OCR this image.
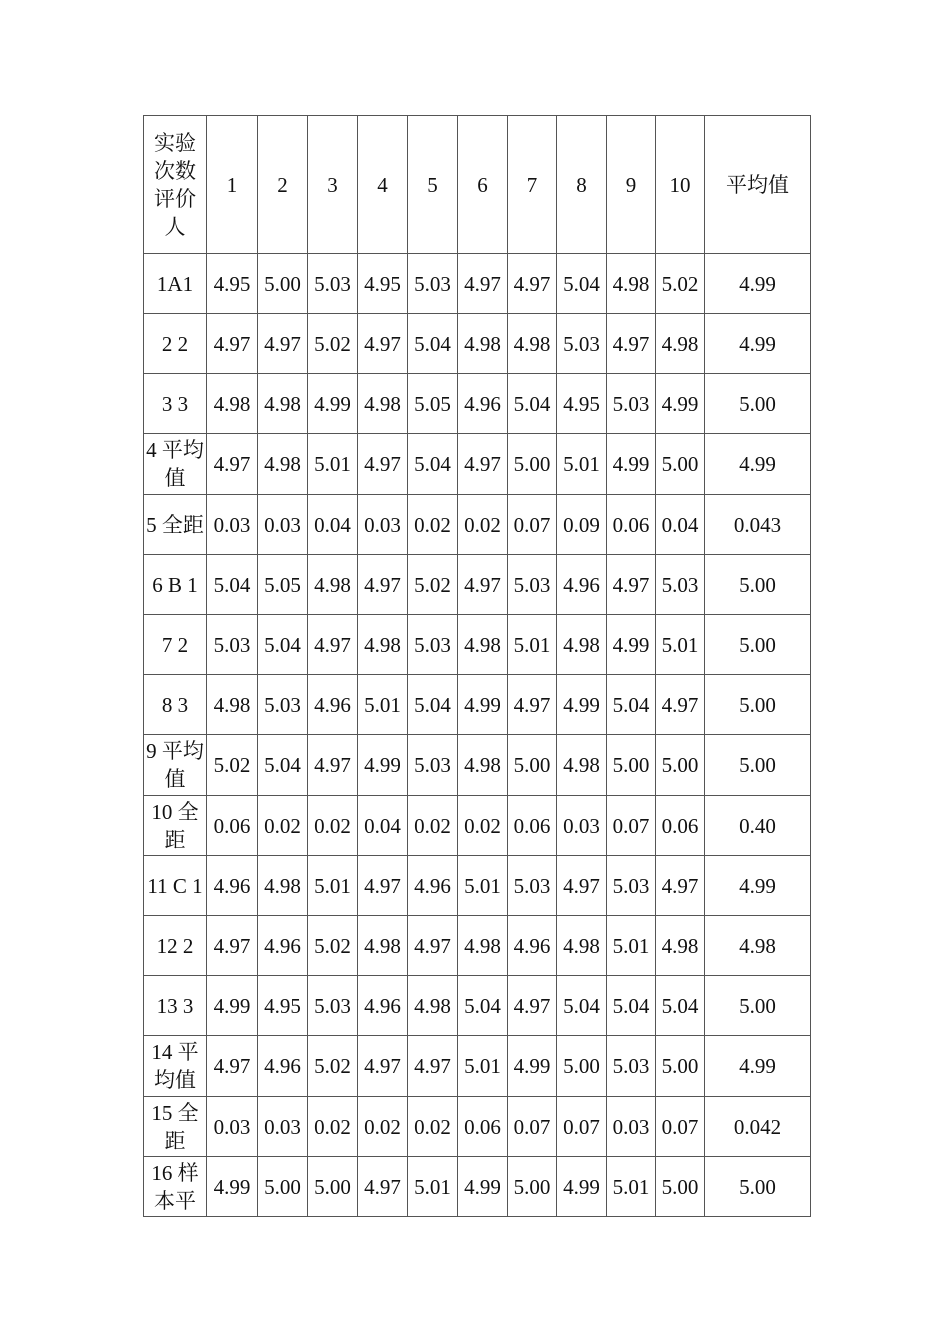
实验次数评价人	1	2	3	4	5	6	7	8	9	10	平均值
1A1	4.95	5.00	5.03	4.95	5.03	4.97	4.97	5.04	4.98	5.02	4.99
2 2	4.97	4.97	5.02	4.97	5.04	4.98	4.98	5.03	4.97	4.98	4.99
3 3	4.98	4.98	4.99	4.98	5.05	4.96	5.04	4.95	5.03	4.99	5.00
4 平均值	4.97	4.98	5.01	4.97	5.04	4.97	5.00	5.01	4.99	5.00	4.99
5 全距	0.03	0.03	0.04	0.03	0.02	0.02	0.07	0.09	0.06	0.04	0.043
6 B 1	5.04	5.05	4.98	4.97	5.02	4.97	5.03	4.96	4.97	5.03	5.00
7 2	5.03	5.04	4.97	4.98	5.03	4.98	5.01	4.98	4.99	5.01	5.00
8 3	4.98	5.03	4.96	5.01	5.04	4.99	4.97	4.99	5.04	4.97	5.00
9 平均值	5.02	5.04	4.97	4.99	5.03	4.98	5.00	4.98	5.00	5.00	5.00
10 全距	0.06	0.02	0.02	0.04	0.02	0.02	0.06	0.03	0.07	0.06	0.40
11 C 1	4.96	4.98	5.01	4.97	4.96	5.01	5.03	4.97	5.03	4.97	4.99
12 2	4.97	4.96	5.02	4.98	4.97	4.98	4.96	4.98	5.01	4.98	4.98
13 3	4.99	4.95	5.03	4.96	4.98	5.04	4.97	5.04	5.04	5.04	5.00
14 平均值	4.97	4.96	5.02	4.97	4.97	5.01	4.99	5.00	5.03	5.00	4.99
15 全距	0.03	0.03	0.02	0.02	0.02	0.06	0.07	0.07	0.03	0.07	0.042
16 样本平	4.99	5.00	5.00	4.97	5.01	4.99	5.00	4.99	5.01	5.00	5.00
